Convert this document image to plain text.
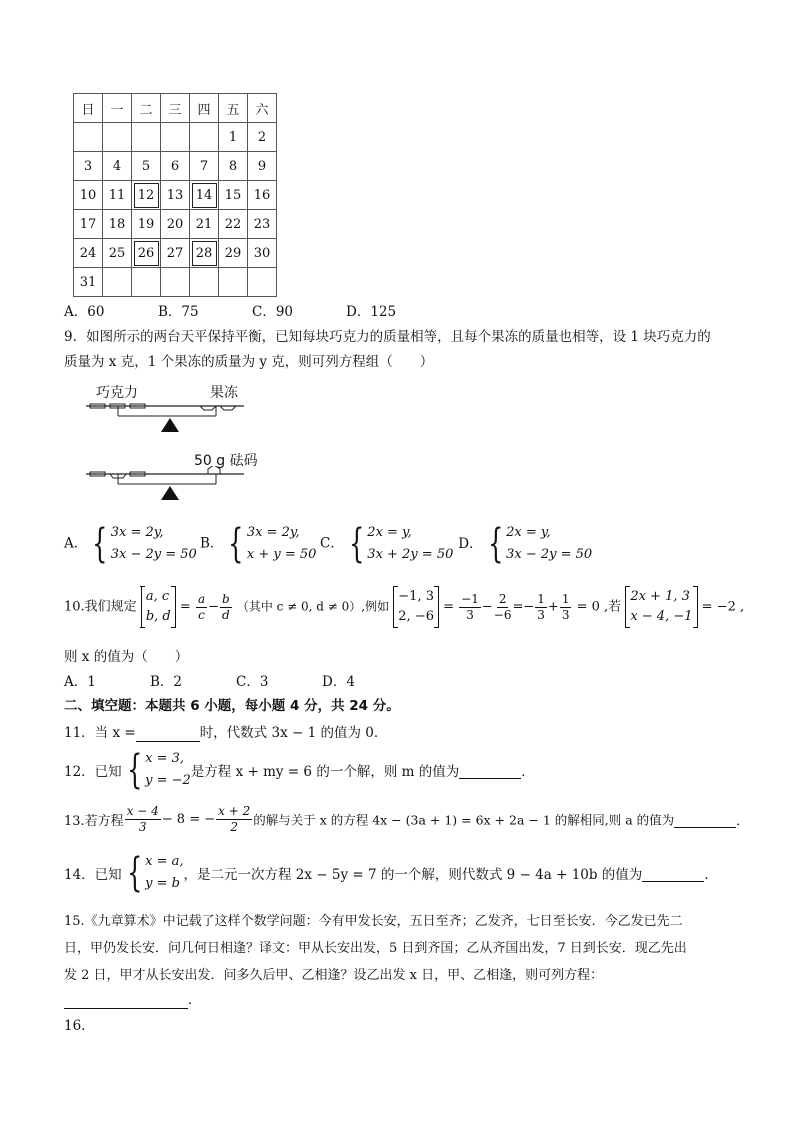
日	一	二	三	四	五	六
					1	2
3	4	5	6	7	8	9
10	11	12	13	14	15	16
17	18	19	20	21	22	23
24	25	26	27	28	29	30
31						
A．60	B．75	C．90	D．125
9．如图所示的两台天平保持平衡，已知每块巧克力的质量相等，且每个果冻的质量也相等，设 1 块巧克力的
质量为 x 克，1 个果冻的质量为 y 克，则可列方程组（　　）
巧克力	果冻
50 g 砝码
A． { 3x = 2y,
3x − 2y = 50B． { 3x = 2y,
x + y = 50C． { 2x = y,
3x + 2y = 50 D． { 2x = y,
3x − 2y = 50
10.我们规定 a, c
b, $d = \frac{a}{c} - \frac{b}{d}$ （其中 c ≠ 0, d ≠ 0）,例如 −1, 3
2, $-6 = \frac{-1}{3} - \frac{2}{-6} =- \frac{1}{3} + \frac{1}{3} = 0$ ,若 2x + 1, 3
x − 4, −1 = −2 ,
则 x 的值为（　　）
A．1	B．2	C．3	D．4
二、填空题：本题共 6 小题，每小题 4 分，共 24 分。
11．当 x =	时，代数式 3x − 1 的值为 0．
12．已知 { x = 3,
y = −2是方程 x + my = 6 的一个解，则 m 的值为	．
13.若方程 $\frac{x - 4}{3} - 8$ = − $\frac{x + 2}{2}$ 的解与关于 x 的方程 4x − (3a + 1) = 6x + 2a − 1 的解相同,则 a 的值为	．
14．已知 { x = a,
y = b，是二元一次方程 2x − 5y = 7 的一个解，则代数式 9 − 4a + 10b 的值为	．
15.《九章算术》中记载了这样个数学问题：今有甲发长安，五日至齐；乙发齐，七日至长安．今乙发已先二
日，甲仍发长安．问几何日相逢？译文：甲从长安出发，5 日到齐国；乙从齐国出发，7 日到长安．现乙先出
发 2 日，甲才从长安出发．问多久后甲、乙相逢？设乙出发 x 日，甲、乙相逢，则可列方程：
．
16．
